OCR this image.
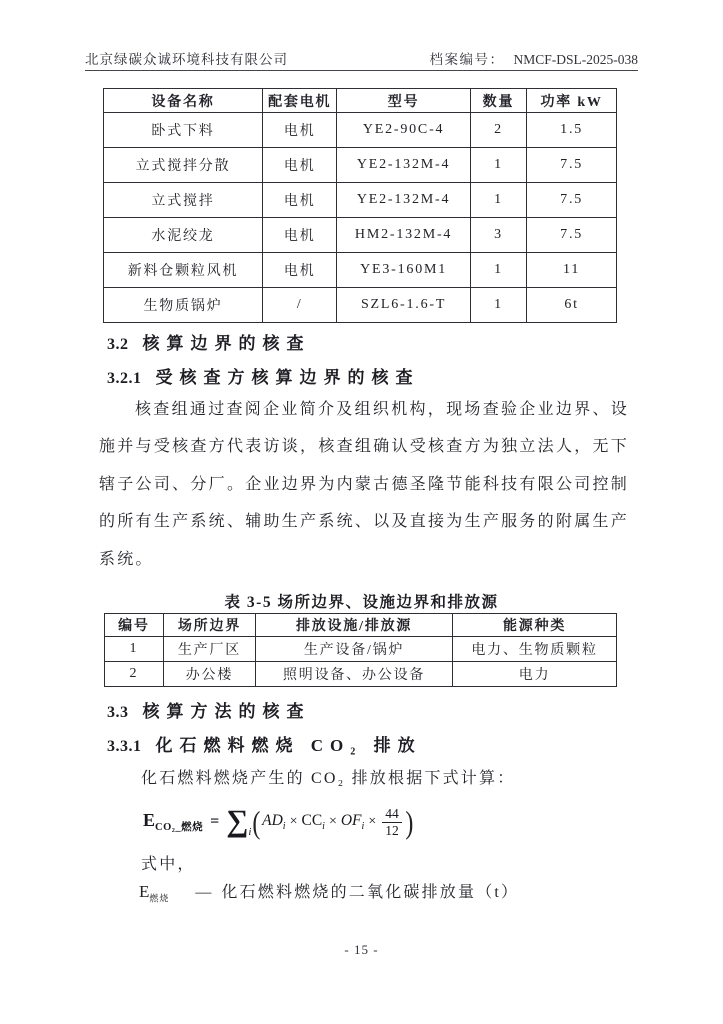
北京绿碳众诚环境科技有限公司	档案编号： NMCF-DSL-2025-038
设备名称	配套电机	型号	数量	功率 kW
卧式下料	电机	YE2-90C-4	2	1.5
立式搅拌分散	电机	YE2-132M-4	1	7.5
立式搅拌	电机	YE2-132M-4	1	7.5
水泥绞龙	电机	HM2-132M-4	3	7.5
新料仓颗粒风机	电机	YE3-160M1	1	11
生物质锅炉	/	SZL6-1.6-T	1	6t
3.2 核算边界的核查
3.2.1 受核查方核算边界的核查
核查组通过查阅企业简介及组织机构，现场查验企业边界、设施并与受核查方代表访谈，核查组确认受核查方为独立法人，无下辖子公司、分厂。企业边界为内蒙古德圣隆节能科技有限公司控制的所有生产系统、辅助生产系统、以及直接为生产服务的附属生产系统。
表 3-5 场所边界、设施边界和排放源
编号	场所边界	排放设施/排放源	能源种类
1	生产厂区	生产设备/锅炉	电力、生物质颗粒
2	办公楼	照明设备、办公设备	电力
3.3 核算方法的核查
3.3.1 化石燃料燃烧 CO₂ 排放
化石燃料燃烧产生的 CO₂ 排放根据下式计算：
$E_{CO_2\_燃烧} = \sum_i$ ( $AD_i \times CC_i \times OF_i \times \frac{44}{12}$ )
式中，
$E_{燃烧}$ — 化石燃料燃烧的二氧化碳排放量（t）
- 15 -
